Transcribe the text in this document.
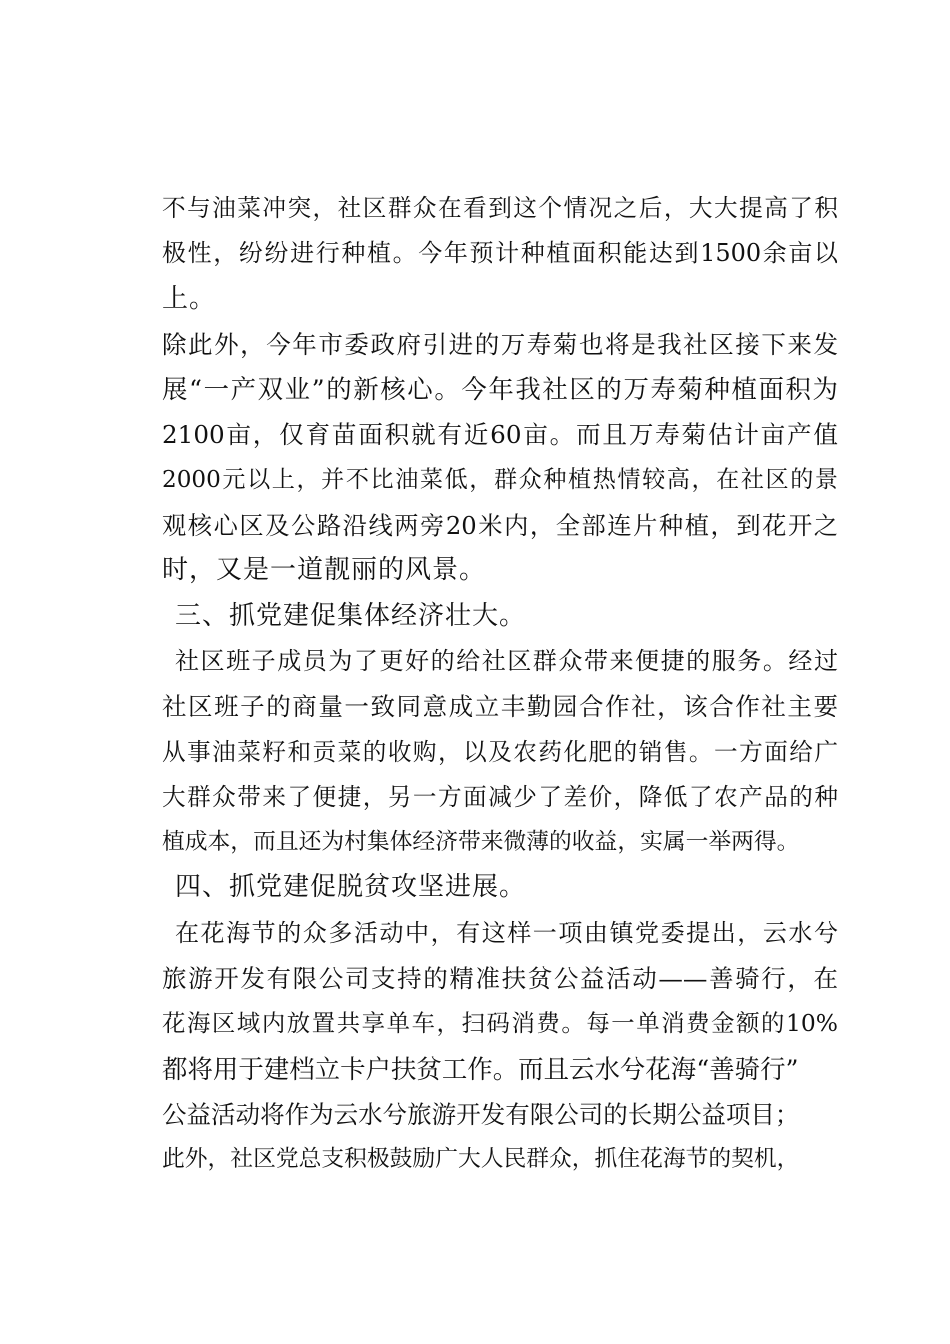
不与油菜冲突，社区群众在看到这个情况之后，大大提高了积
极性，纷纷进行种植。今年预计种植面积能达到1500余亩以
上。
除此外，今年市委政府引进的万寿菊也将是我社区接下来发
展“一产双业”的新核心。今年我社区的万寿菊种植面积为
2100亩，仅育苗面积就有近60亩。而且万寿菊估计亩产值
2000元以上，并不比油菜低，群众种植热情较高，在社区的景
观核心区及公路沿线两旁20米内，全部连片种植，到花开之
时，又是一道靓丽的风景。
三、抓党建促集体经济壮大。
社区班子成员为了更好的给社区群众带来便捷的服务。经过
社区班子的商量一致同意成立丰勤园合作社，该合作社主要
从事油菜籽和贡菜的收购，以及农药化肥的销售。一方面给广
大群众带来了便捷，另一方面减少了差价，降低了农产品的种
植成本，而且还为村集体经济带来微薄的收益，实属一举两得。
四、抓党建促脱贫攻坚进展。
在花海节的众多活动中，有这样一项由镇党委提出，云水兮
旅游开发有限公司支持的精准扶贫公益活动——善骑行，在
花海区域内放置共享单车，扫码消费。每一单消费金额的10%
都将用于建档立卡户扶贫工作。而且云水兮花海“善骑行”
公益活动将作为云水兮旅游开发有限公司的长期公益项目；
此外，社区党总支积极鼓励广大人民群众，抓住花海节的契机，
